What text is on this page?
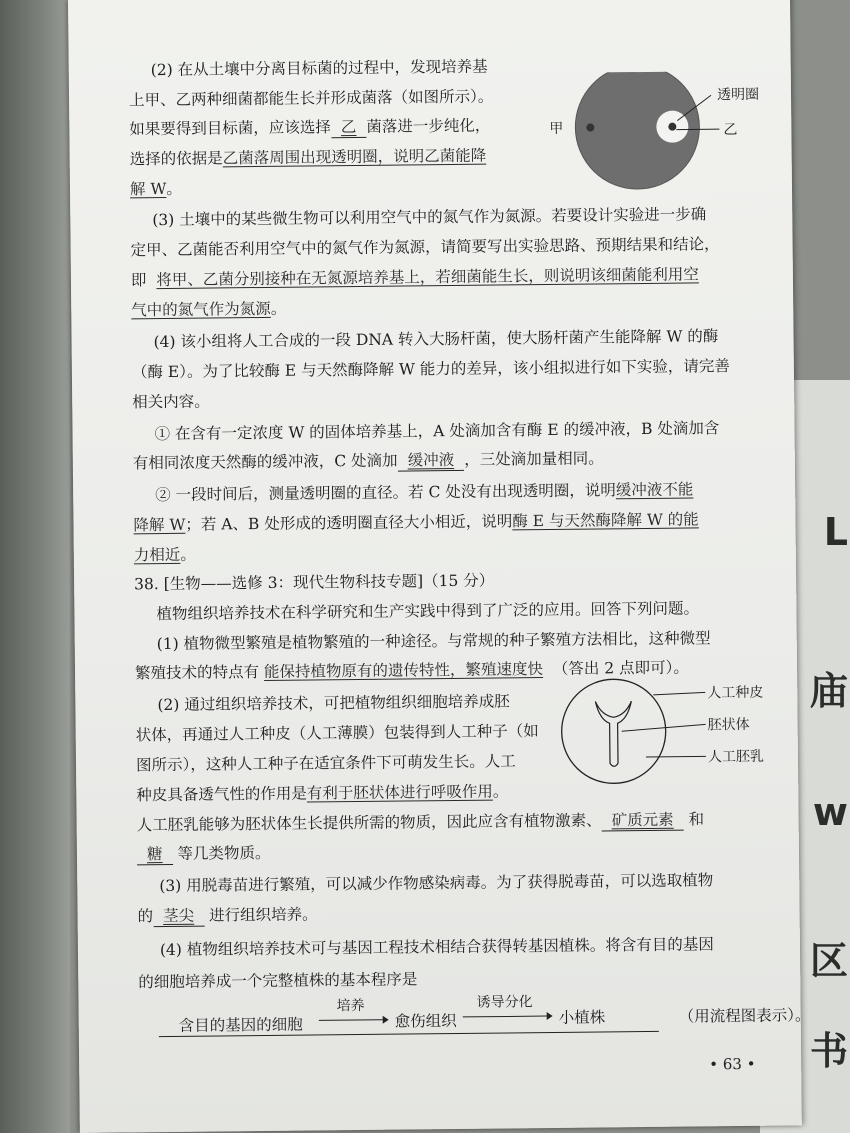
L
庙
w
区
书
(2) 在从土壤中分离目标菌的过程中，发现培养基
上甲、乙两种细菌都能生长并形成菌落（如图所示）。
如果要得到目标菌，应该选择 乙 菌落进一步纯化，
选择的依据是乙菌落周围出现透明圈，说明乙菌能降
解 W。
透明圈
乙
甲
(3) 土壤中的某些微生物可以利用空气中的氮气作为氮源。若要设计实验进一步确
定甲、乙菌能否利用空气中的氮气作为氮源，请简要写出实验思路、预期结果和结论，
即 将甲、乙菌分别接种在无氮源培养基上，若细菌能生长，则说明该细菌能利用空
气中的氮气作为氮源。
(4) 该小组将人工合成的一段 DNA 转入大肠杆菌，使大肠杆菌产生能降解 W 的酶
（酶 E）。为了比较酶 E 与天然酶降解 W 能力的差异，该小组拟进行如下实验，请完善
相关内容。
① 在含有一定浓度 W 的固体培养基上，A 处滴加含有酶 E 的缓冲液，B 处滴加含
有相同浓度天然酶的缓冲液，C 处滴加 缓冲液 ，三处滴加量相同。
② 一段时间后，测量透明圈的直径。若 C 处没有出现透明圈，说明缓冲液不能
降解 W；若 A、B 处形成的透明圈直径大小相近，说明酶 E 与天然酶降解 W 的能
力相近。
38. [生物——选修 3：现代生物科技专题]（15 分）
植物组织培养技术在科学研究和生产实践中得到了广泛的应用。回答下列问题。
(1) 植物微型繁殖是植物繁殖的一种途径。与常规的种子繁殖方法相比，这种微型
繁殖技术的特点有 能保持植物原有的遗传特性，繁殖速度快 （答出 2 点即可）。
(2) 通过组织培养技术，可把植物组织细胞培养成胚
状体，再通过人工种皮（人工薄膜）包装得到人工种子（如
图所示），这种人工种子在适宜条件下可萌发生长。人工
种皮具备透气性的作用是有利于胚状体进行呼吸作用。
人工胚乳能够为胚状体生长提供所需的物质，因此应含有植物激素、 矿质元素 和
糖 等几类物质。
人工种皮
胚状体
人工胚乳
(3) 用脱毒苗进行繁殖，可以减少作物感染病毒。为了获得脱毒苗，可以选取植物
的 茎尖 进行组织培养。
(4) 植物组织培养技术可与基因工程技术相结合获得转基因植株。将含有目的基因
的细胞培养成一个完整植株的基本程序是
含目的基因的细胞
培养
愈伤组织
诱导分化
小植株	（用流程图表示）。
• 63 •
